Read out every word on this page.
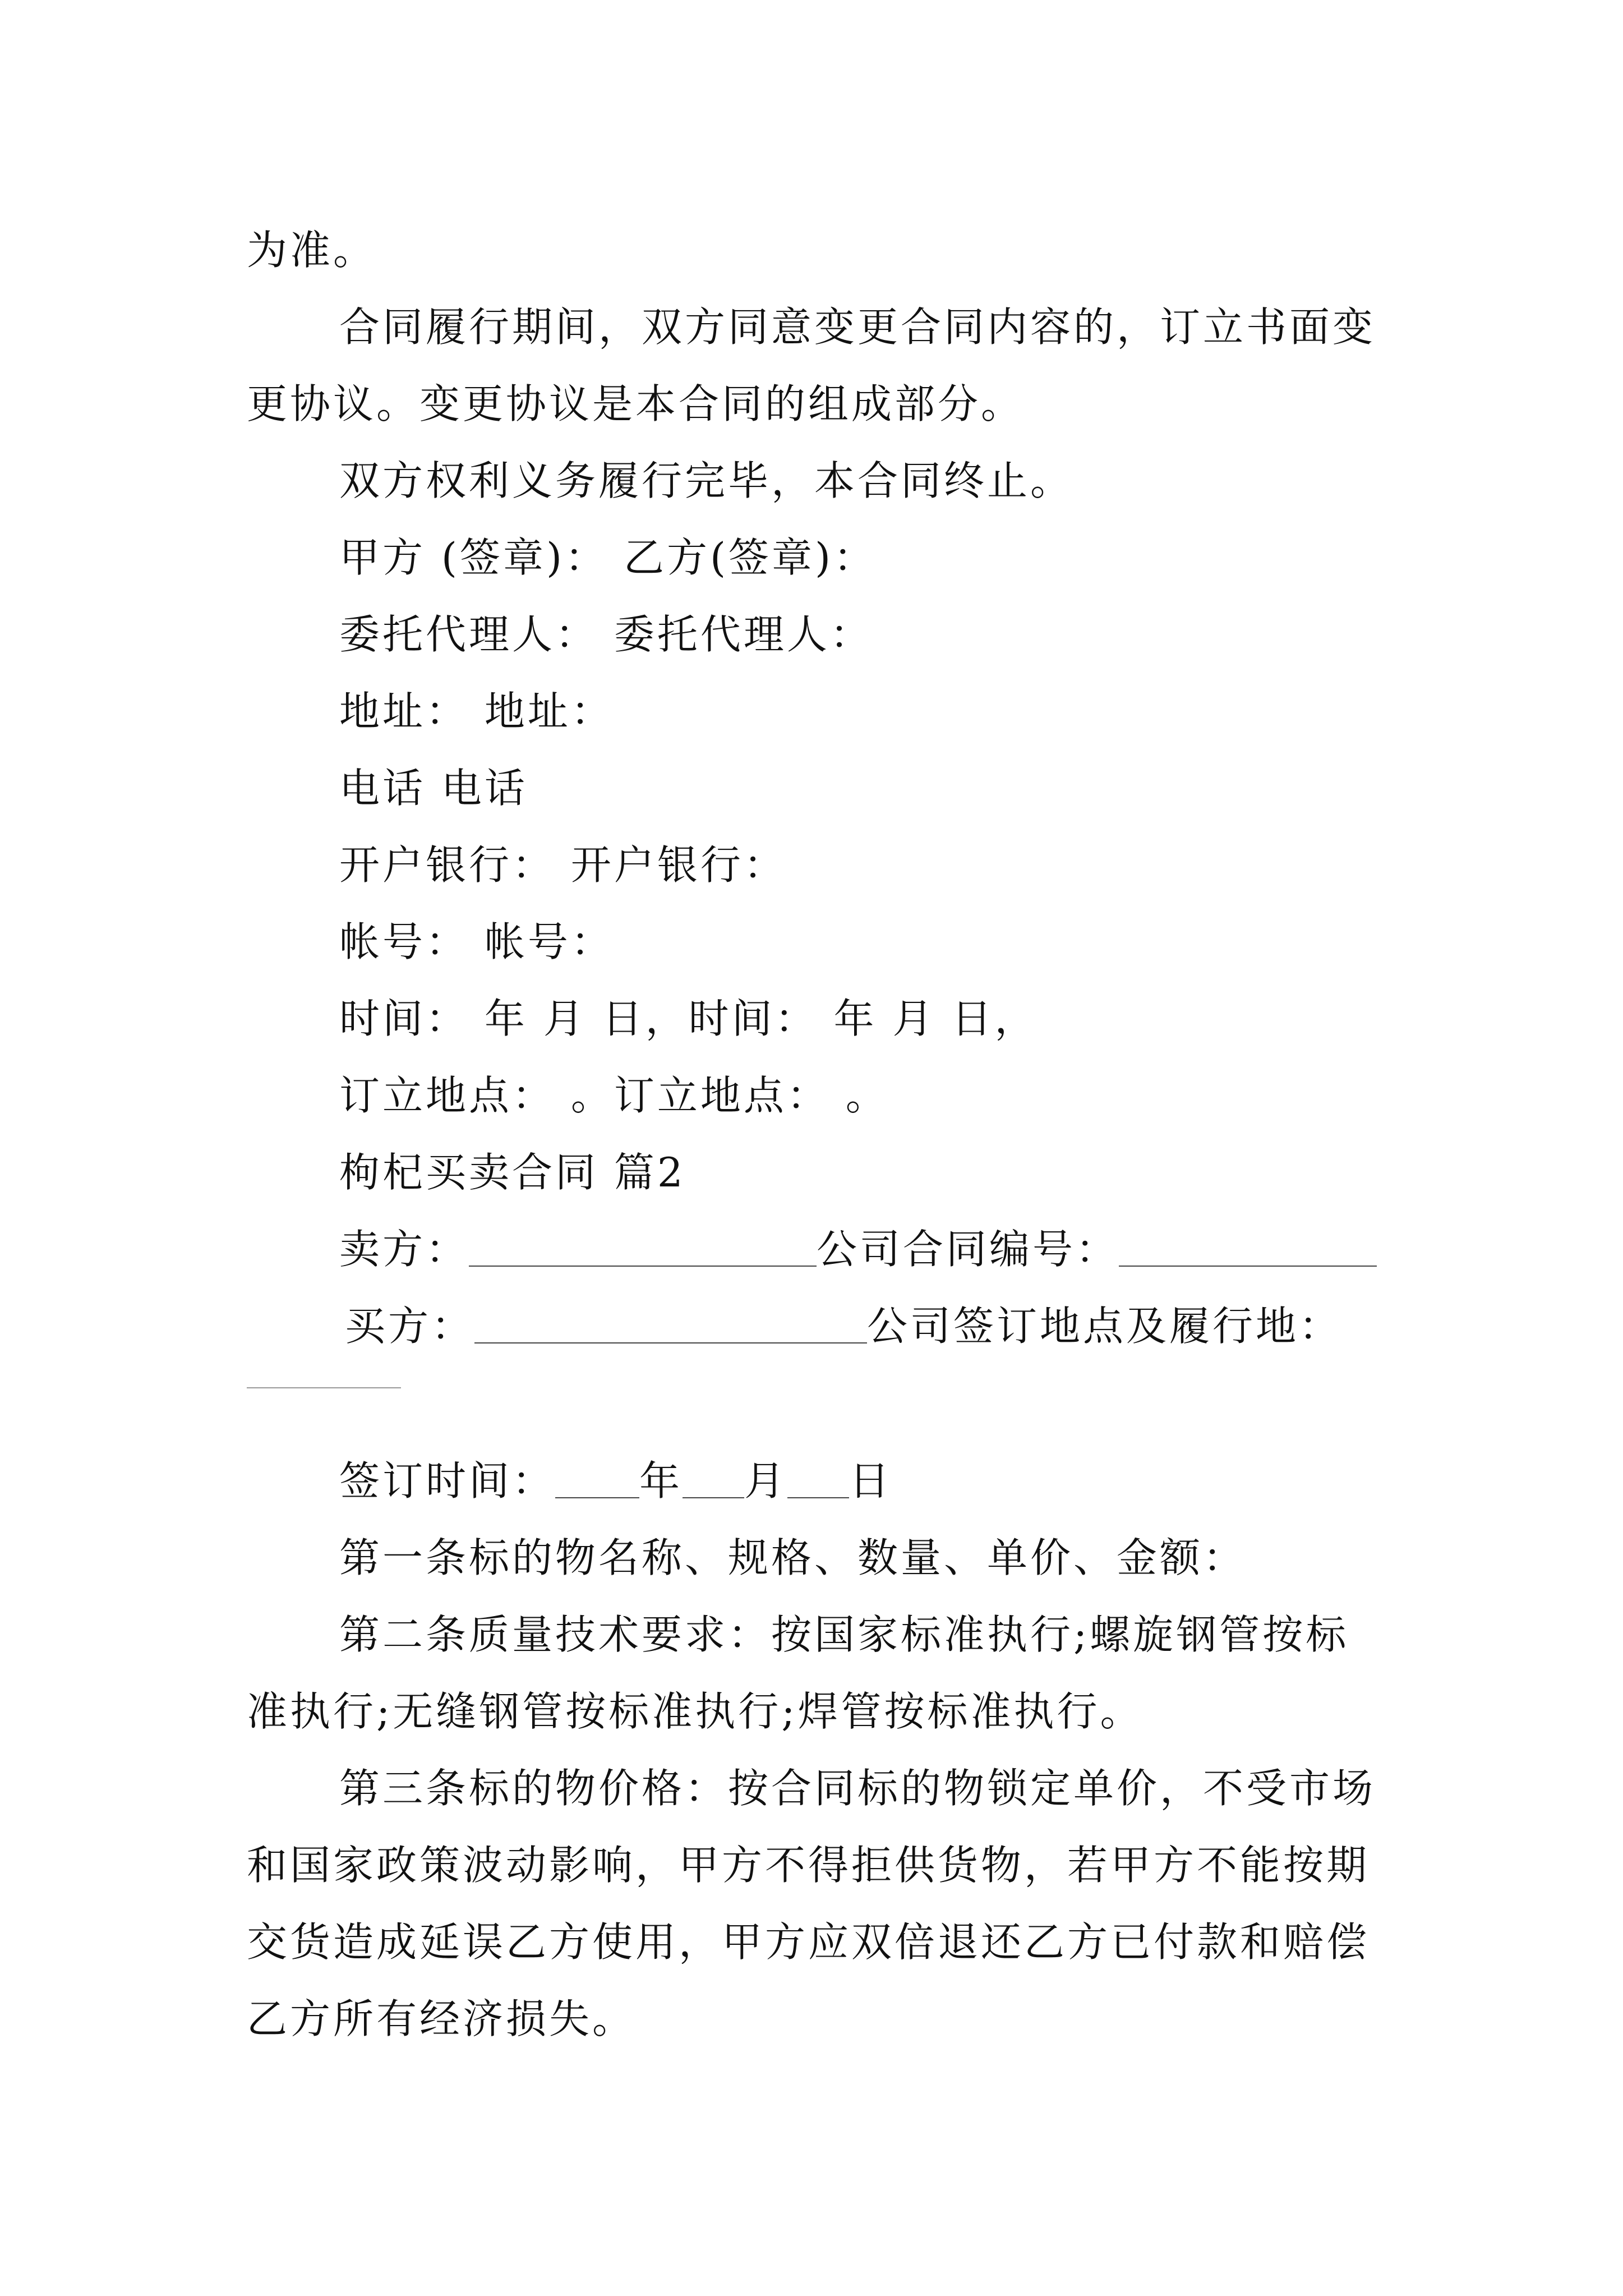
为准。
合同履行期间，双方同意变更合同内容的，订立书面变
更协议。变更协议是本合同的组成部分。
双方权利义务履行完毕，本合同终止。
甲方 (签章)： 乙方(签章)：
委托代理人： 委托代理人：
地址： 地址：
电话 电话
开户银行： 开户银行：
帐号： 帐号：
时间： 年 月 日，时间： 年 月 日，
订立地点： 。订立地点： 。
枸杞买卖合同 篇2
卖方：	公司合同编号：
买方：	公司签订地点及履行地：
签订时间： 年 月 日
第一条标的物名称、规格、数量、单价、金额：
第二条质量技术要求：按国家标准执行;螺旋钢管按标
准执行;无缝钢管按标准执行;焊管按标准执行。
第三条标的物价格：按合同标的物锁定单价，不受市场
和国家政策波动影响，甲方不得拒供货物，若甲方不能按期
交货造成延误乙方使用，甲方应双倍退还乙方已付款和赔偿
乙方所有经济损失。
